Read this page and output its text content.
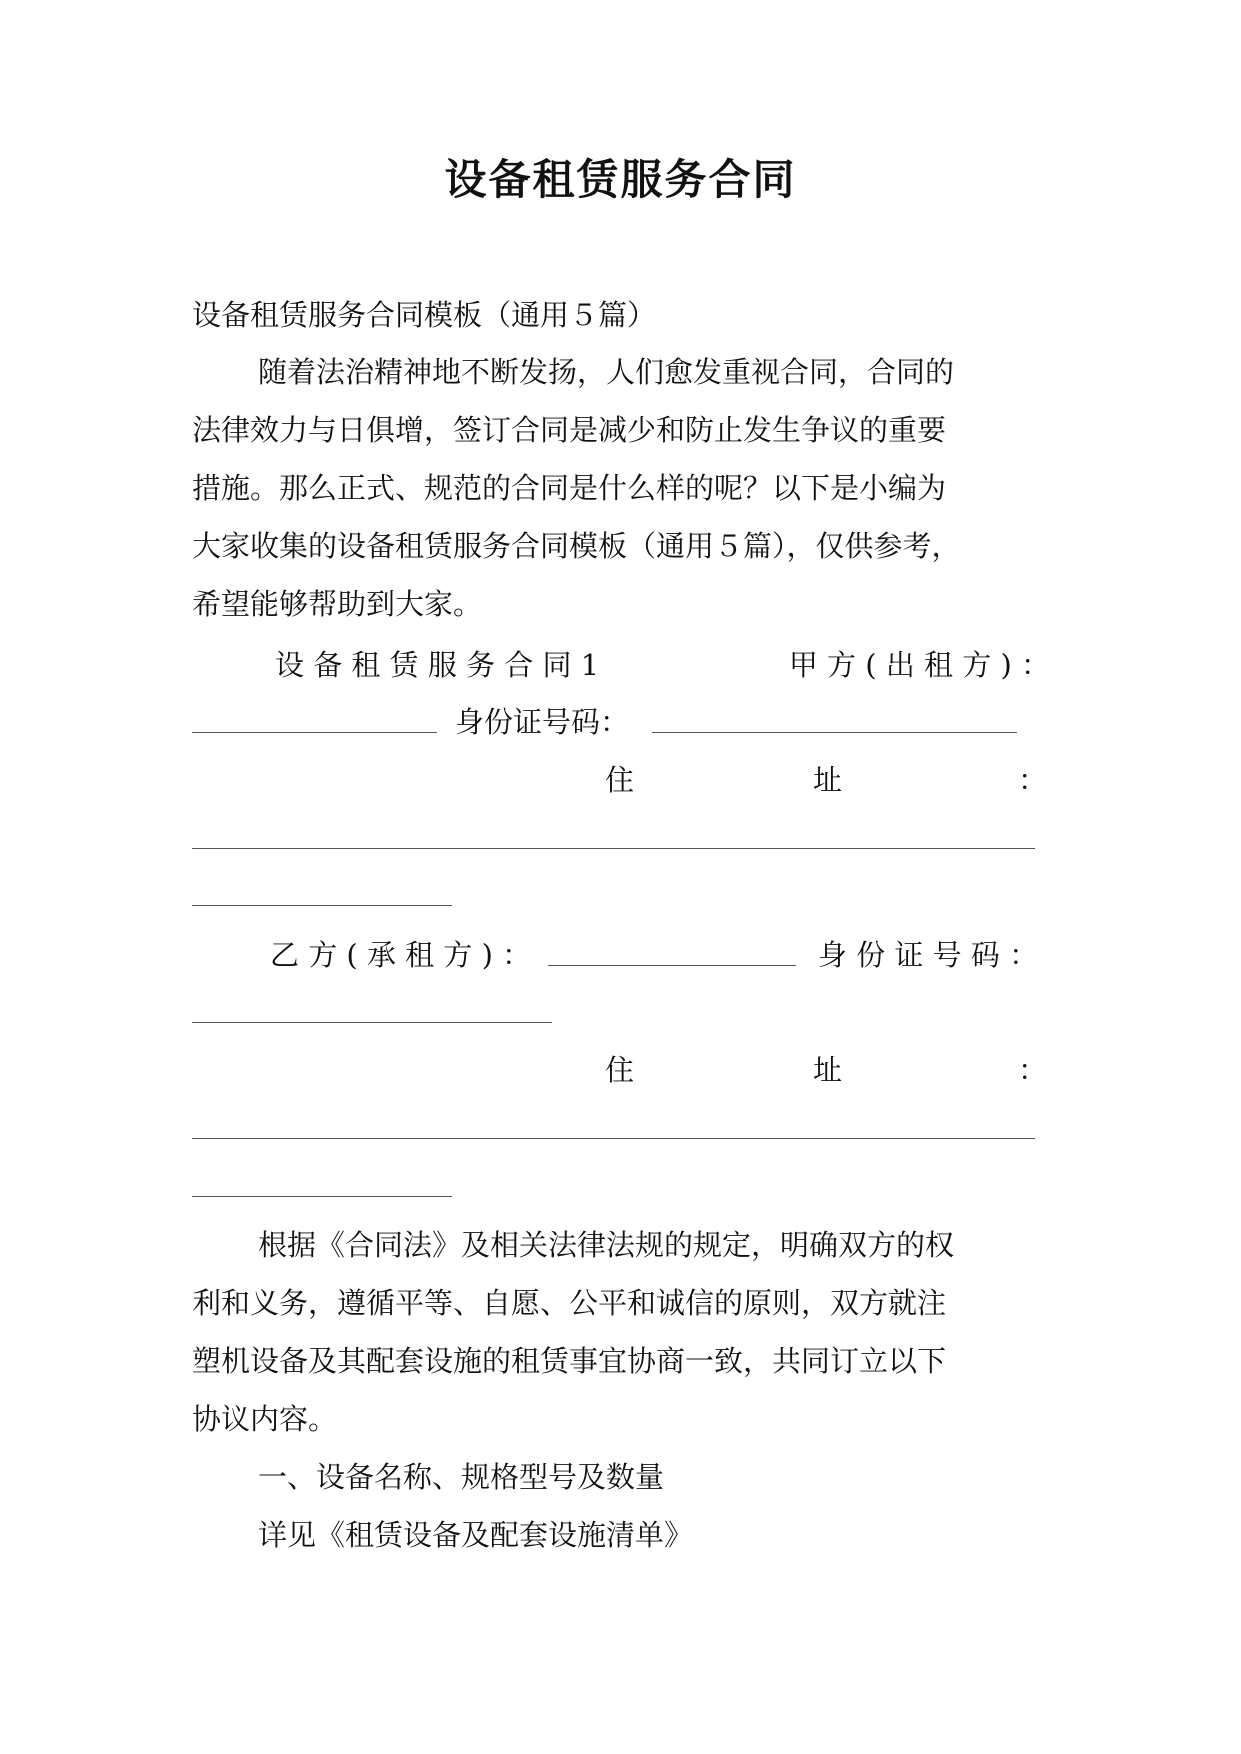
设备租赁服务合同
设备租赁服务合同模板（通用５篇）
随着法治精神地不断发扬，人们愈发重视合同，合同的
法律效力与日俱增，签订合同是减少和防止发生争议的重要
措施。那么正式、规范的合同是什么样的呢？以下是小编为
大家收集的设备租赁服务合同模板（通用５篇），仅供参考，
希望能够帮助到大家。
设 备 租 赁 服 务 合 同 1	甲 方 ( 出 租 方 ) ：
身份证号码：
住	址	：
乙 方 ( 承 租 方 ) ：	身 份 证 号 码 ：
住	址	：
根据《合同法》及相关法律法规的规定，明确双方的权
利和义务，遵循平等、自愿、公平和诚信的原则，双方就注
塑机设备及其配套设施的租赁事宜协商一致，共同订立以下
协议内容。
一、设备名称、规格型号及数量
详见《租赁设备及配套设施清单》
